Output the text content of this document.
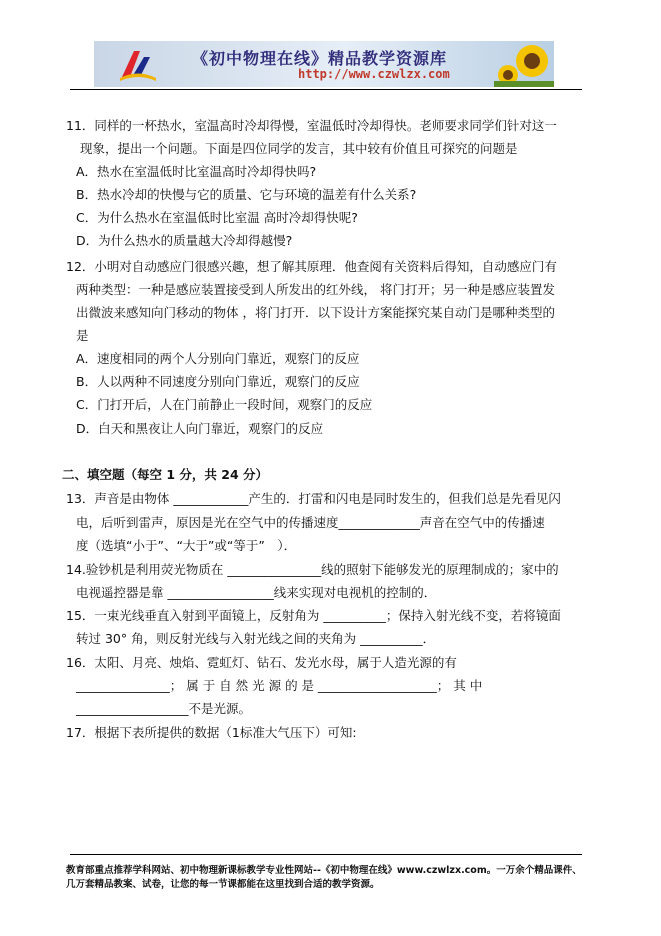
《初中物理在线》精品教学资源库
http://www.czwlzx.com
11．同样的一杯热水，室温高时冷却得慢，室温低时冷却得快。老师要求同学们针对这一
现象，提出一个问题。下面是四位同学的发言，其中较有价值且可探究的问题是
A．热水在室温低时比室温高时冷却得快吗?
B．热水冷却的快慢与它的质量、它与环境的温差有什么关系?
C．为什么热水在室温低时比室温 高时冷却得快呢?
D．为什么热水的质量越大冷却得越慢?
12．小明对自动感应门很感兴趣，想了解其原理．他查阅有关资料后得知，自动感应门有
两种类型：一种是感应装置接受到人所发出的红外线， 将门打开；另一种是感应装置发
出微波来感知向门移动的物体 ，将门打开．以下设计方案能探究某自动门是哪种类型的
是
A．速度相同的两个人分别向门靠近，观察门的反应
B．人以两种不同速度分别向门靠近，观察门的反应
C．门打开后，人在门前静止一段时间，观察门的反应
D．白天和黑夜让人向门靠近，观察门的反应
二、填空题（每空 1 分，共 24 分）
13．声音是由物体 ____________产生的．打雷和闪电是同时发生的，但我们总是先看见闪
电，后听到雷声，原因是光在空气中的传播速度_____________声音在空气中的传播速
度（选填“小于”、“大于”或“等于”　）．
14.验钞机是利用荧光物质在 _______________线的照射下能够发光的原理制成的；家中的
电视遥控器是靠 _________________线来实现对电视机的控制的．
15．一束光线垂直入射到平面镜上，反射角为 __________；保持入射光线不变，若将镜面
转过 30° 角，则反射光线与入射光线之间的夹角为 __________．
16．太阳、月亮、烛焰、霓虹灯、钻石、发光水母，属于人造光源的有
_______________； 属 于 自 然 光 源 的 是 ___________________； 其 中
__________________不是光源。
17．根据下表所提供的数据（1标准大气压下）可知:
教育部重点推荐学科网站、初中物理新课标教学专业性网站--《初中物理在线》www.czwlzx.com。一万余个精品课件、
几万套精品教案、试卷，让您的每一节课都能在这里找到合适的教学资源。
